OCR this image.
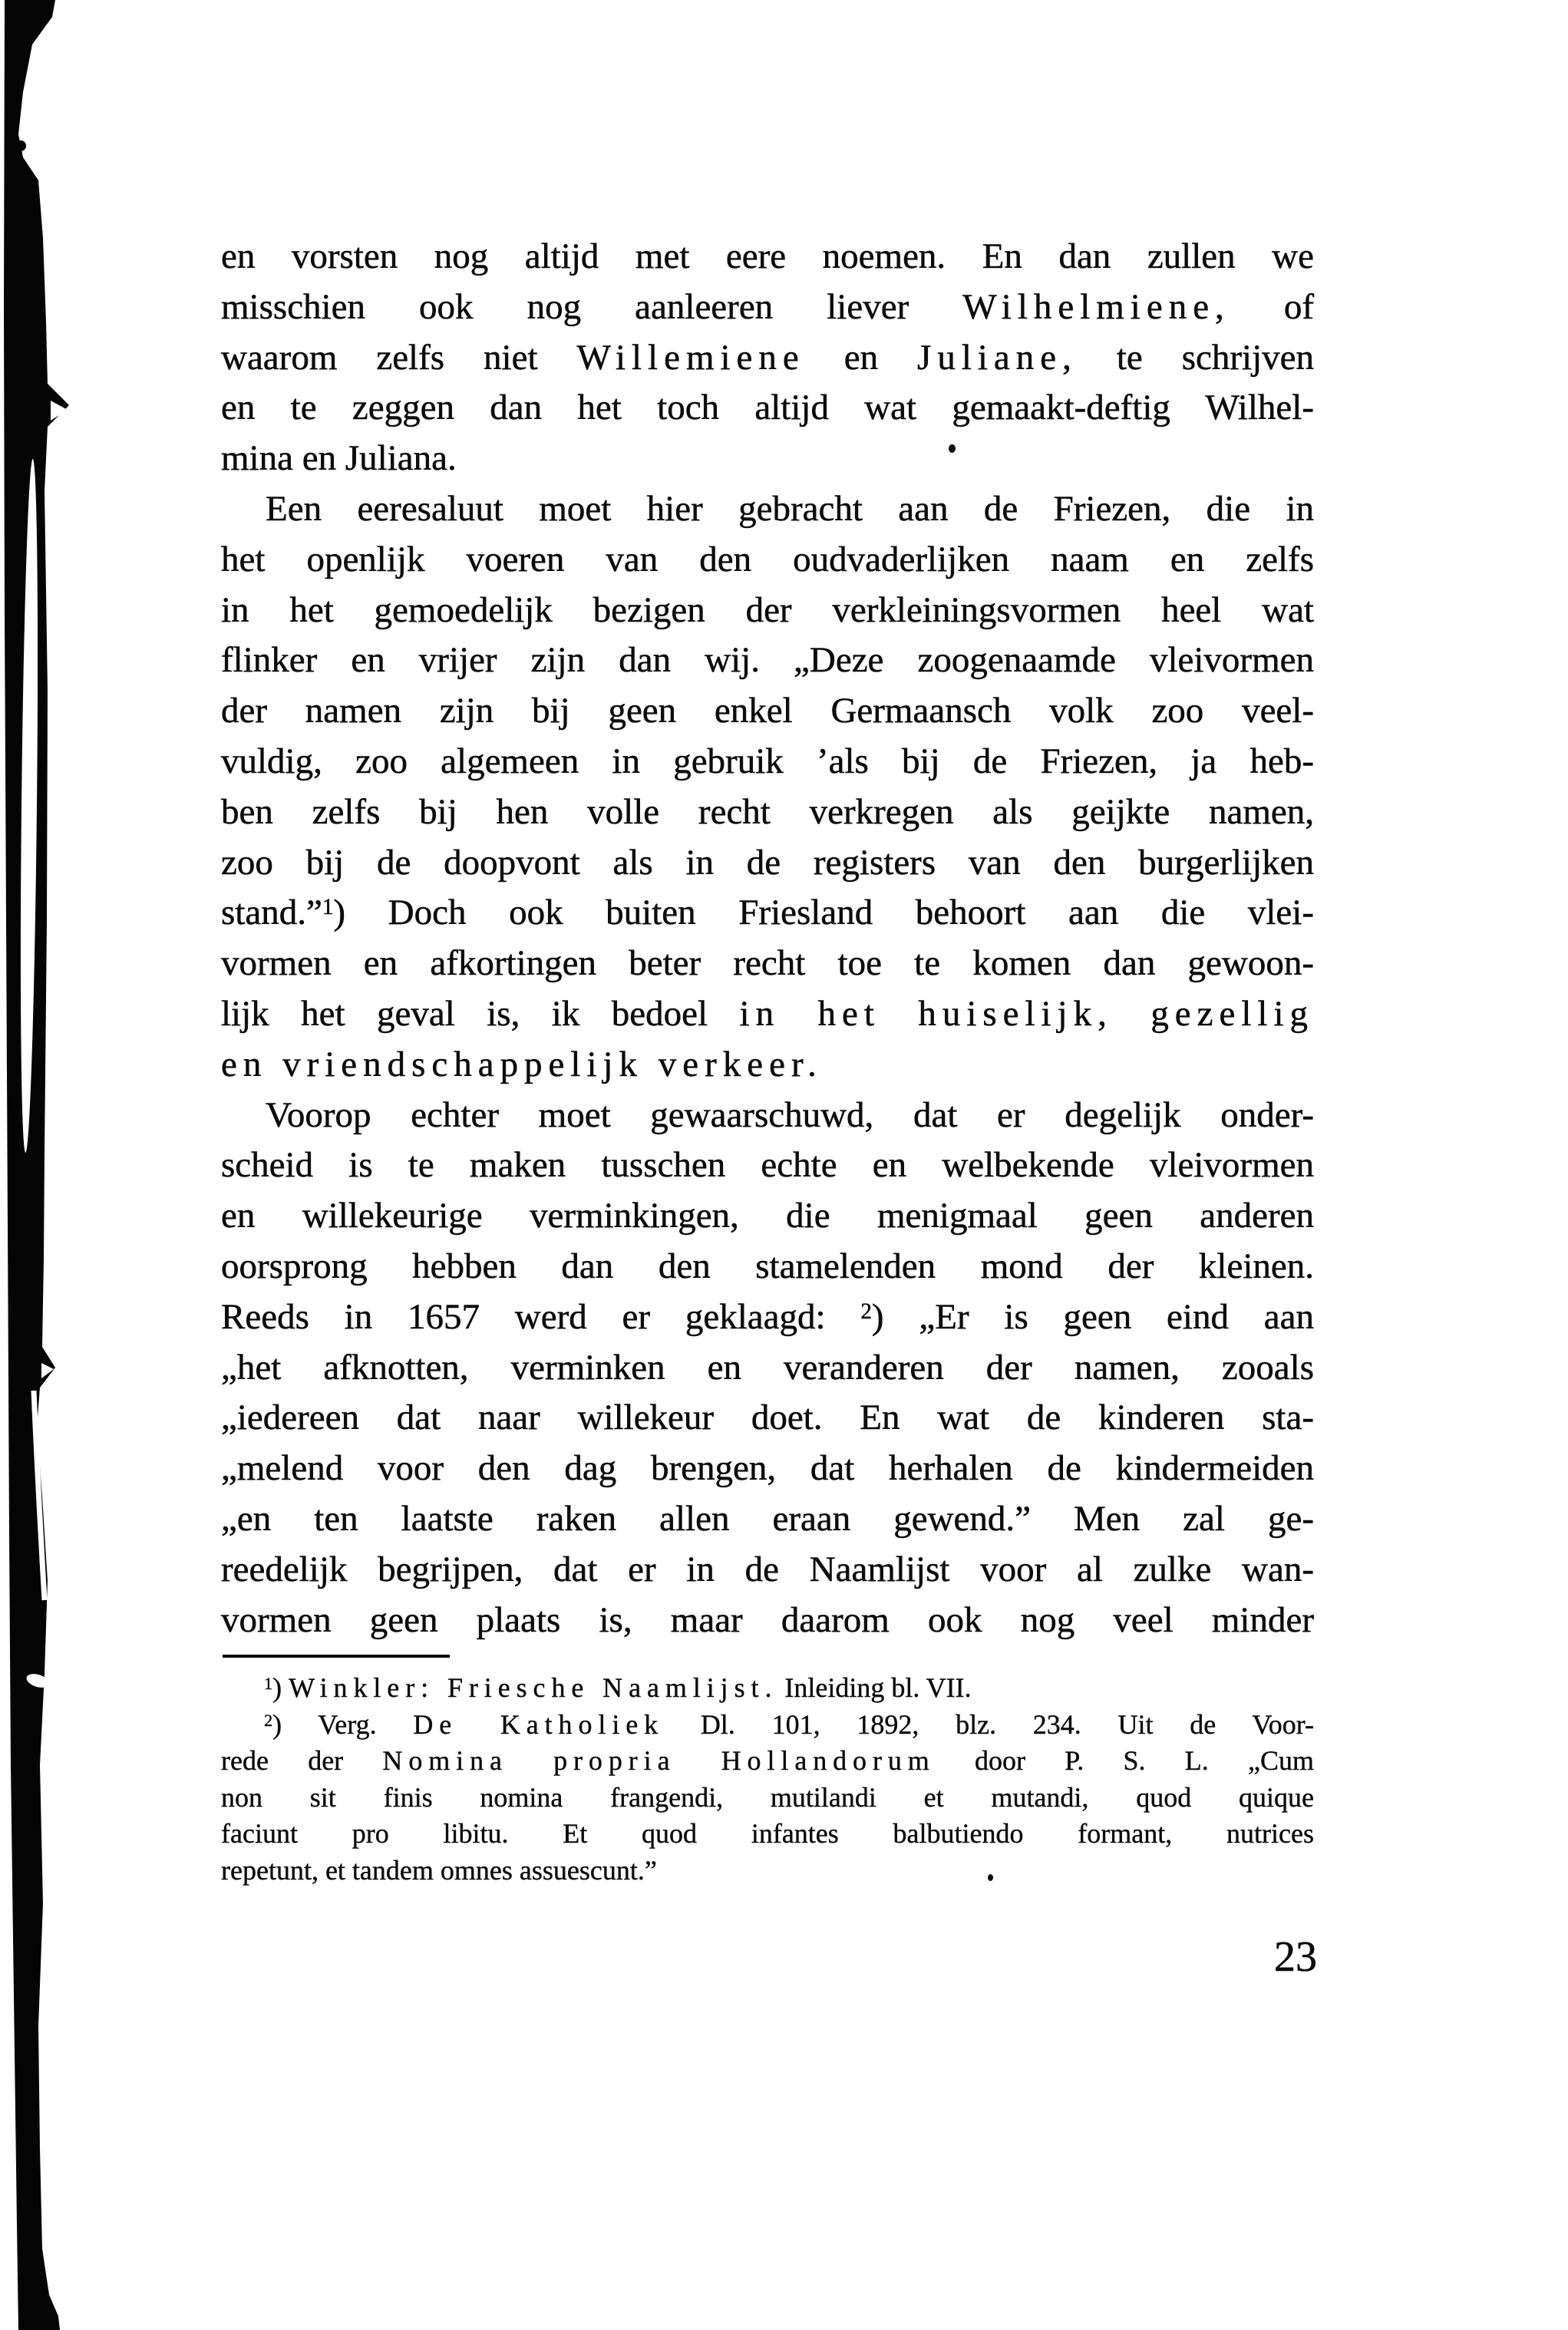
en vorsten nog altijd met eere noemen. En dan zullen we
misschien ook nog aanleeren liever Wilhelmiene, of
waarom zelfs niet Willemiene en Juliane, te schrijven
en te zeggen dan het toch altijd wat gemaakt-deftig Wilhel-
mina en Juliana.
Een eeresaluut moet hier gebracht aan de Friezen, die in
het openlijk voeren van den oudvaderlijken naam en zelfs
in het gemoedelijk bezigen der verkleiningsvormen heel wat
flinker en vrijer zijn dan wij. „Deze zoogenaamde vleivormen
der namen zijn bij geen enkel Germaansch volk zoo veel-
vuldig, zoo algemeen in gebruik ʼals bij de Friezen, ja heb-
ben zelfs bij hen volle recht verkregen als geijkte namen,
zoo bij de doopvont als in de registers van den burgerlijken
stand.”$^1$) Doch ook buiten Friesland behoort aan die vlei-
vormen en afkortingen beter recht toe te komen dan gewoon-
lijk het geval is, ik bedoel in het huiselijk, gezellig
en vriendschappelijk verkeer.
Voorop echter moet gewaarschuwd, dat er degelijk onder-
scheid is te maken tusschen echte en welbekende vleivormen
en willekeurige verminkingen, die menigmaal geen anderen
oorsprong hebben dan den stamelenden mond der kleinen.
Reeds in 1657 werd er geklaagd: $^2$) „Er is geen eind aan
„het afknotten, verminken en veranderen der namen, zooals
„iedereen dat naar willekeur doet. En wat de kinderen sta-
„melend voor den dag brengen, dat herhalen de kindermeiden
„en ten laatste raken allen eraan gewend.” Men zal ge-
reedelijk begrijpen, dat er in de Naamlijst voor al zulke wan-
vormen geen plaats is, maar daarom ook nog veel minder
$^1$) Winkler: Friesche Naamlijst. Inleiding bl. VII.
$^2$) Verg. De Katholiek Dl. 101, 1892, blz. 234. Uit de Voor-
rede der Nomina propria Hollandorum door P. S. L. „Cum
non sit finis nomina frangendi, mutilandi et mutandi, quod quique
faciunt pro libitu. Et quod infantes balbutiendo formant, nutrices
repetunt, et tandem omnes assuescunt.”
23
